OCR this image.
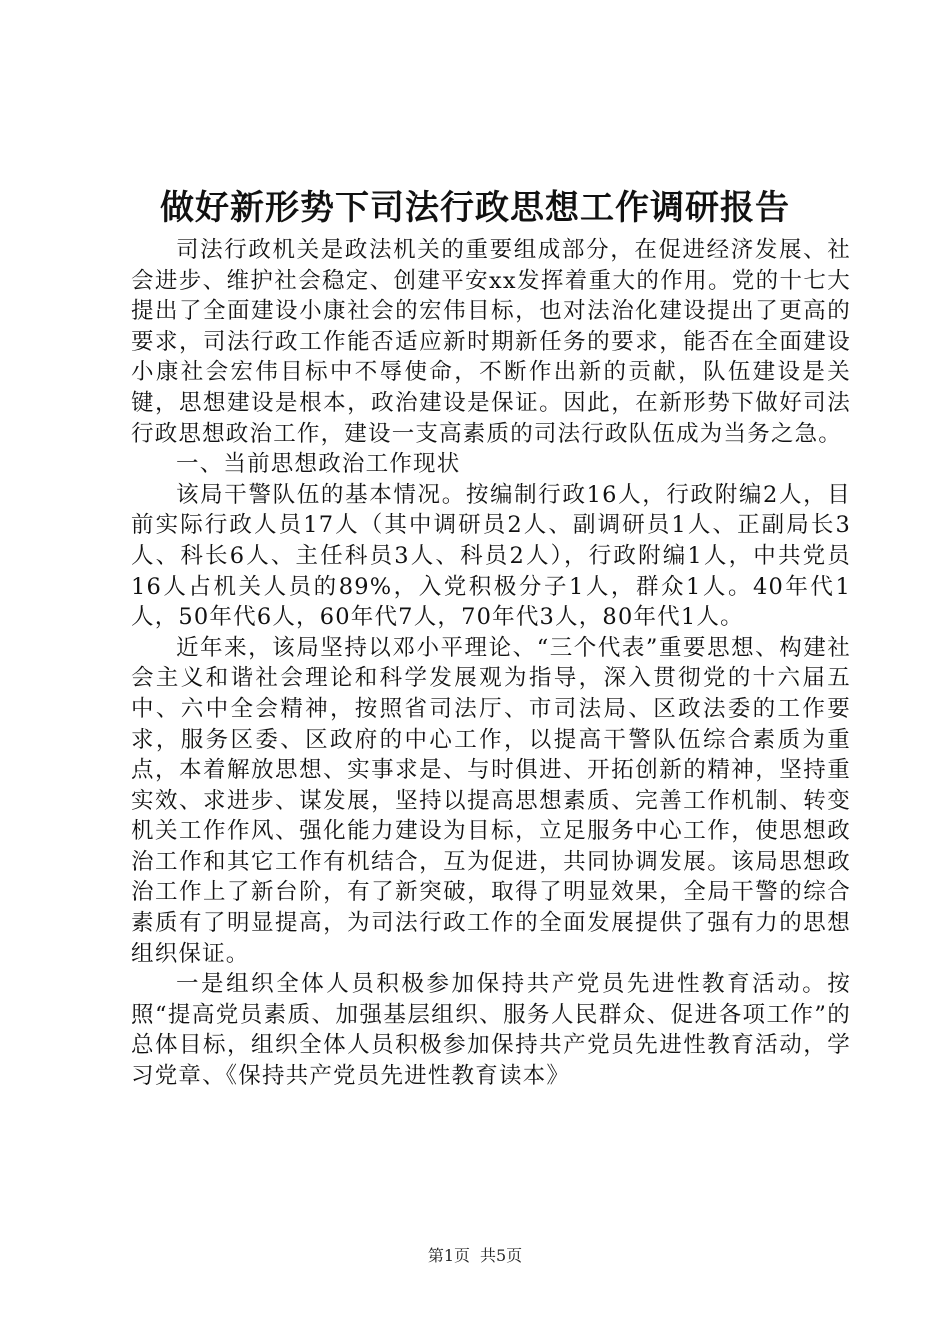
做好新形势下司法行政思想工作调研报告

司法行政机关是政法机关的重要组成部分，在促进经济发展、社会进步、维护社会稳定、创建平安xx发挥着重大的作用。党的十七大提出了全面建设小康社会的宏伟目标，也对法治化建设提出了更高的要求，司法行政工作能否适应新时期新任务的要求，能否在全面建设小康社会宏伟目标中不辱使命，不断作出新的贡献，队伍建设是关键，思想建设是根本，政治建设是保证。因此，在新形势下做好司法行政思想政治工作，建设一支高素质的司法行政队伍成为当务之急。

一、当前思想政治工作现状

该局干警队伍的基本情况。按编制行政16人，行政附编2人，目前实际行政人员17人（其中调研员2人、副调研员1人、正副局长3人、科长6人、主任科员3人、科员2人），行政附编1人，中共党员16人占机关人员的89%，入党积极分子1人，群众1人。40年代1人，50年代6人，60年代7人，70年代3人，80年代1人。

近年来，该局坚持以邓小平理论、“三个代表”重要思想、构建社会主义和谐社会理论和科学发展观为指导，深入贯彻党的十六届五中、六中全会精神，按照省司法厅、市司法局、区政法委的工作要求，服务区委、区政府的中心工作，以提高干警队伍综合素质为重点，本着解放思想、实事求是、与时俱进、开拓创新的精神，坚持重实效、求进步、谋发展，坚持以提高思想素质、完善工作机制、转变机关工作作风、强化能力建设为目标，立足服务中心工作，使思想政治工作和其它工作有机结合，互为促进，共同协调发展。该局思想政治工作上了新台阶，有了新突破，取得了明显效果，全局干警的综合素质有了明显提高，为司法行政工作的全面发展提供了强有力的思想组织保证。

一是组织全体人员积极参加保持共产党员先进性教育活动。按照“提高党员素质、加强基层组织、服务人民群众、促进各项工作”的总体目标，组织全体人员积极参加保持共产党员先进性教育活动，学习党章、《保持共产党员先进性教育读本》

第1页 共5页
